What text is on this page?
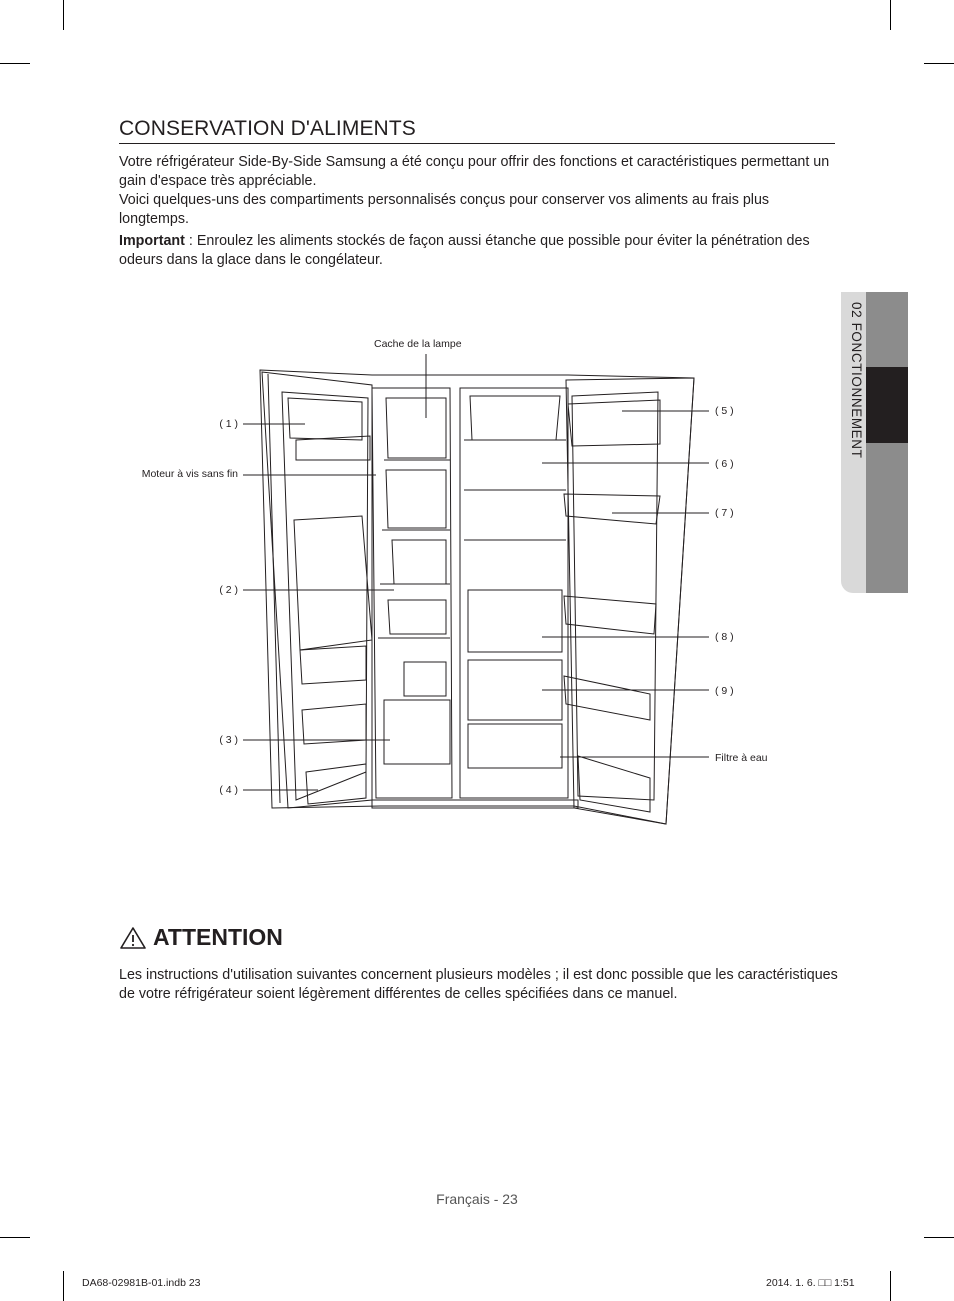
CONSERVATION D'ALIMENTS

Votre réfrigérateur Side-By-Side Samsung a été conçu pour offrir des fonctions et caractéristiques permettant un gain d'espace très appréciable.

Voici quelques-uns des compartiments personnalisés conçus pour conserver vos aliments au frais plus longtemps.

Important : Enroulez les aliments stockés de façon aussi étanche que possible pour éviter la pénétration des odeurs dans la glace dans le congélateur.

02 FONCTIONNEMENT
Cache de la lampe
( 1 )
Moteur à vis sans fin
( 2 )
( 3 )
( 4 )
( 5 )
( 6 )
( 7 )
( 8 )
( 9 )
Filtre à eau
ATTENTION

Les instructions d'utilisation suivantes concernent plusieurs modèles ; il est donc possible que les caractéristiques de votre réfrigérateur soient légèrement différentes de celles spécifiées dans ce manuel.

Français - 23
DA68-02981B-01.indb 23	2014. 1. 6. □□ 1:51
